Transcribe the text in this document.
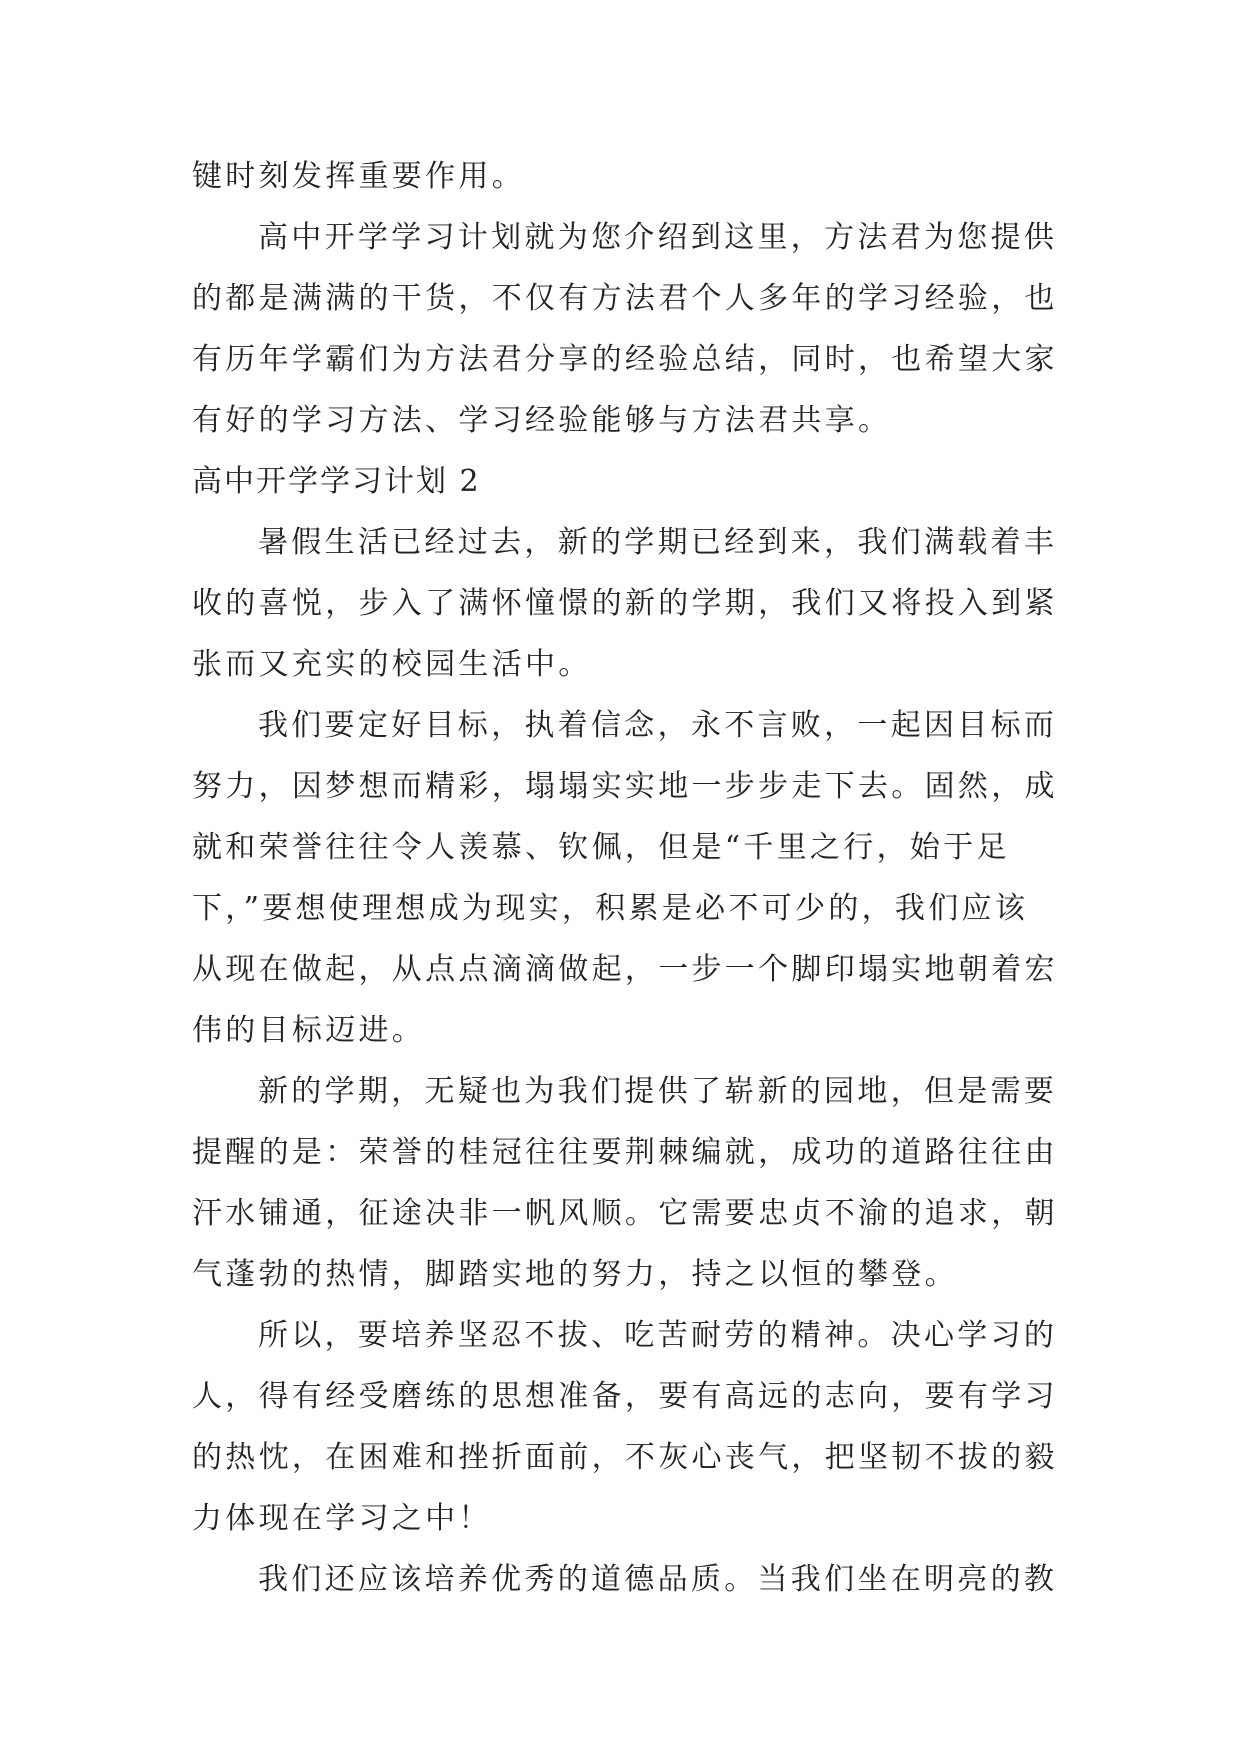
键时刻发挥重要作用。
高中开学学习计划就为您介绍到这里，方法君为您提供
的都是满满的干货，不仅有方法君个人多年的学习经验，也
有历年学霸们为方法君分享的经验总结，同时，也希望大家
有好的学习方法、学习经验能够与方法君共享。
高中开学学习计划 2
暑假生活已经过去，新的学期已经到来，我们满载着丰
收的喜悦，步入了满怀憧憬的新的学期，我们又将投入到紧
张而又充实的校园生活中。
我们要定好目标，执着信念，永不言败，一起因目标而
努力，因梦想而精彩，塌塌实实地一步步走下去。固然，成
就和荣誉往往令人羡慕、钦佩，但是“千里之行，始于足
下，”要想使理想成为现实，积累是必不可少的，我们应该
从现在做起，从点点滴滴做起，一步一个脚印塌实地朝着宏
伟的目标迈进。
新的学期，无疑也为我们提供了崭新的园地，但是需要
提醒的是：荣誉的桂冠往往要荆棘编就，成功的道路往往由
汗水铺通，征途决非一帆风顺。它需要忠贞不渝的追求，朝
气蓬勃的热情，脚踏实地的努力，持之以恒的攀登。
所以，要培养坚忍不拔、吃苦耐劳的精神。决心学习的
人，得有经受磨练的思想准备，要有高远的志向，要有学习
的热忱，在困难和挫折面前，不灰心丧气，把坚韧不拔的毅
力体现在学习之中！
我们还应该培养优秀的道德品质。当我们坐在明亮的教
